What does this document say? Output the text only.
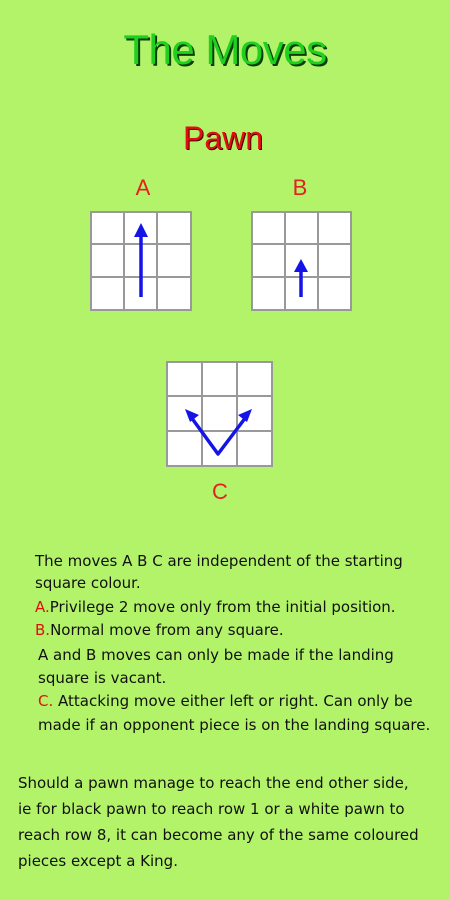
The Moves
Pawn
A	B
C
The moves A B C are independent of the starting
square colour.
A.Privilege 2 move only from the initial position.
B.Normal move from any square.
A and B moves can only be made if the landing
square is vacant.
C. Attacking move either left or right. Can only be
made if an opponent piece is on the landing square.
Should a pawn manage to reach the end other side,
ie for black pawn to reach row 1 or a white pawn to
reach row 8, it can become any of the same coloured
pieces except a King.
